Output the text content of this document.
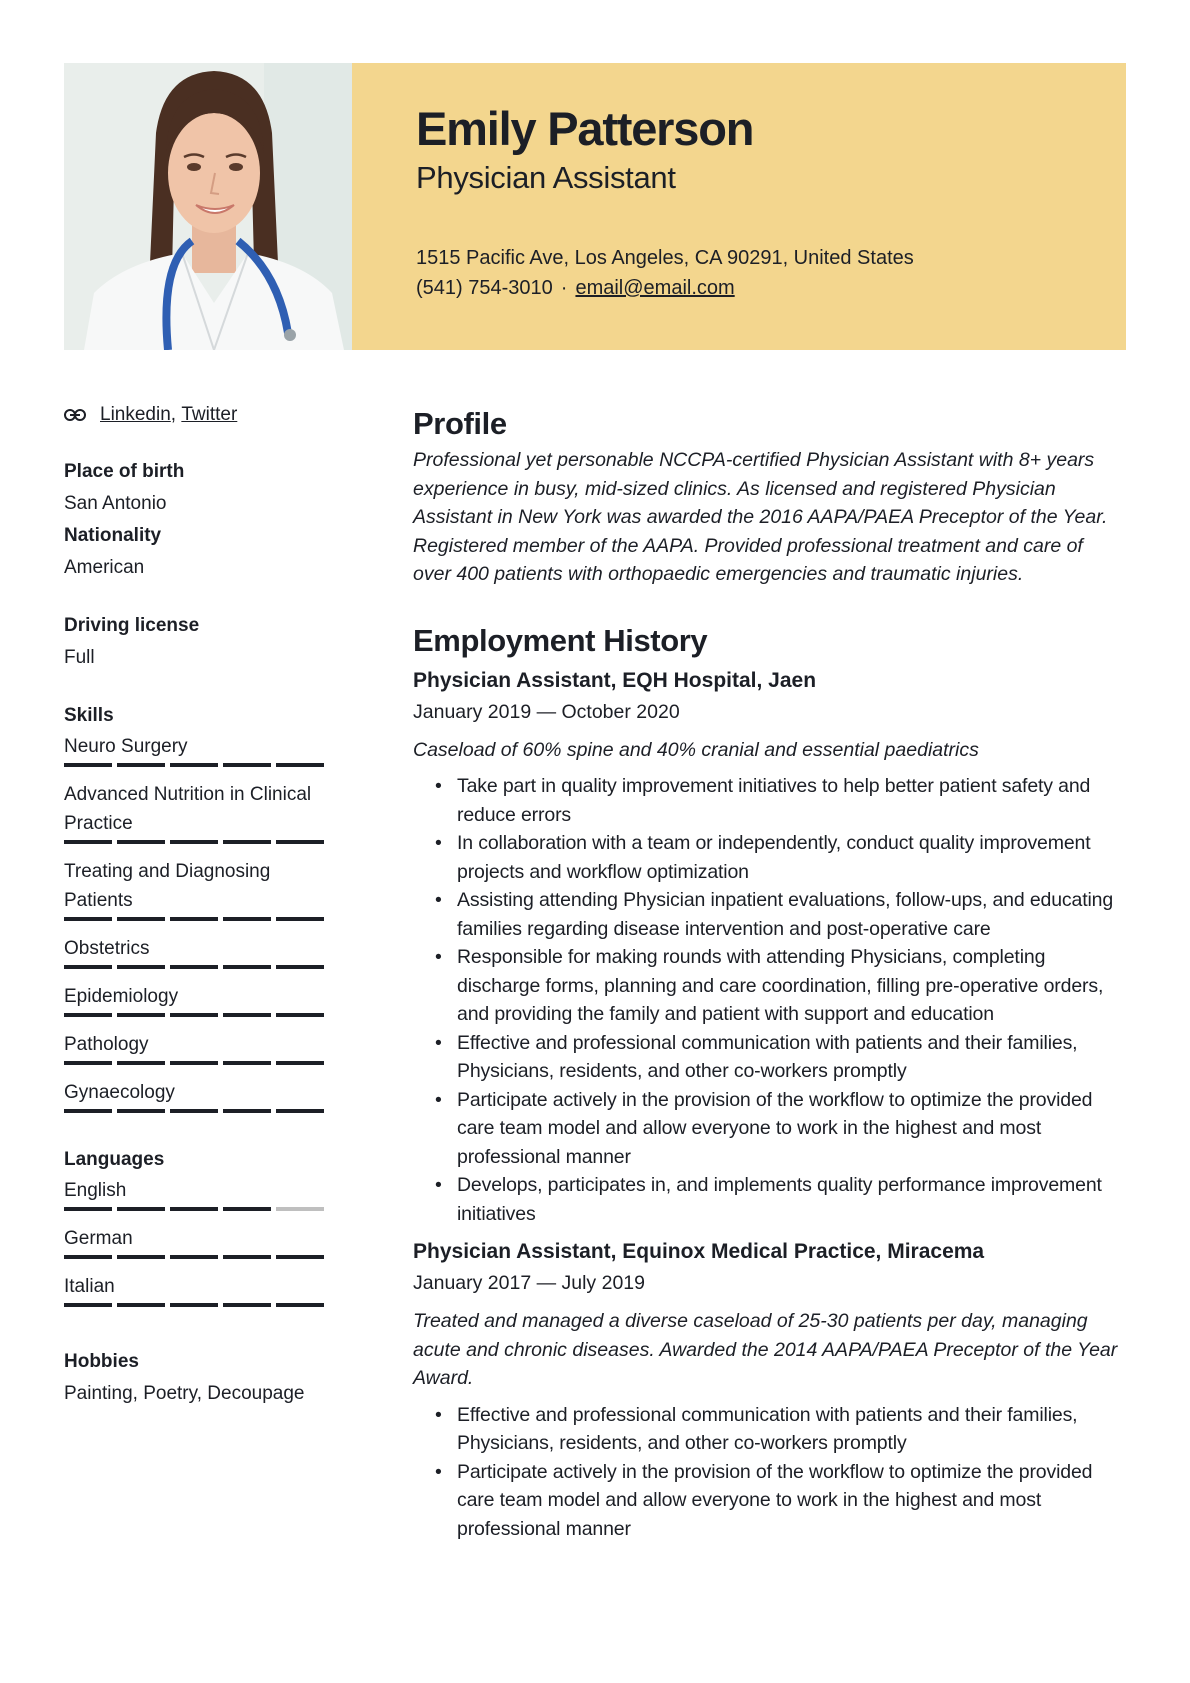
Emily Patterson
Physician Assistant
1515 Pacific Ave, Los Angeles, CA 90291, United States
(541) 754-3010 · email@email.com
Linkedin ,
Twitter
Place of birth
San Antonio
Nationality
American
Driving license
Full
Skills
Neuro Surgery
Advanced Nutrition in Clinical Practice
Treating and Diagnosing Patients
Obstetrics
Epidemiology
Pathology
Gynaecology
Languages
English
German
Italian
Hobbies
Painting, Poetry, Decoupage
Profile
Professional yet personable NCCPA-certified Physician Assistant with 8+ years experience in busy, mid-sized clinics. As licensed and registered Physician Assistant in New York was awarded the 2016 AAPA/PAEA Preceptor of the Year. Registered member of the AAPA. Provided professional treatment and care of over 400 patients with orthopaedic emergencies and traumatic injuries.
Employment History
Physician Assistant, EQH Hospital, Jaen
January 2019 — October 2020
Caseload of 60% spine and 40% cranial and essential paediatrics
• Take part in quality improvement initiatives to help better patient safety and reduce errors
• In collaboration with a team or independently, conduct quality improvement projects and workflow optimization
• Assisting attending Physician inpatient evaluations, follow-ups, and educating families regarding disease intervention and post-operative care
• Responsible for making rounds with attending Physicians, completing discharge forms, planning and care coordination, filling pre-operative orders, and providing the family and patient with support and education
• Effective and professional communication with patients and their families, Physicians, residents, and other co-workers promptly
• Participate actively in the provision of the workflow to optimize the provided care team model and allow everyone to work in the highest and most professional manner
• Develops, participates in, and implements quality performance improvement initiatives
Physician Assistant, Equinox Medical Practice, Miracema
January 2017 — July 2019
Treated and managed a diverse caseload of 25-30 patients per day, managing acute and chronic diseases. Awarded the 2014 AAPA/PAEA Preceptor of the Year Award.
• Effective and professional communication with patients and their families, Physicians, residents, and other co-workers promptly
• Participate actively in the provision of the workflow to optimize the provided care team model and allow everyone to work in the highest and most professional manner
